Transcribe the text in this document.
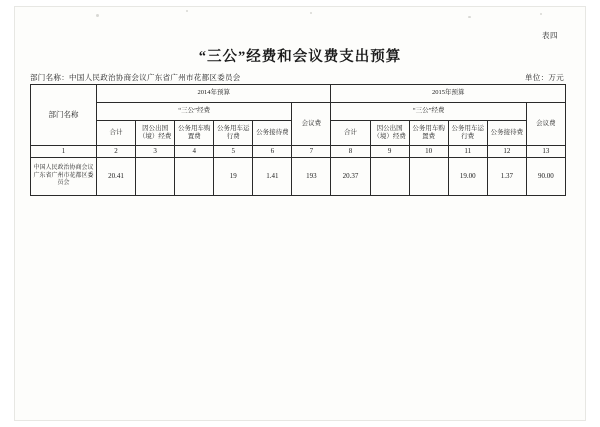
表四
“三公”经费和会议费支出预算
部门名称：中国人民政治协商会议广东省广州市花都区委员会	单位：万元
部门名称	2014年预算						2015年预算					
	“三公”经费					会议费	“三公”经费					会议费
	合计	因公出国（境）经费	公务用车购置费	公务用车运行费	公务接待费		合计	因公出国（境）经费	公务用车购置费	公务用车运行费	公务接待费	
1	2	3	4	5	6	7	8	9	10	11	12	13
中国人民政治协商会议广东省广州市花都区委员会	20.41			19	1.41	193	20.37			19.00	1.37	90.00
